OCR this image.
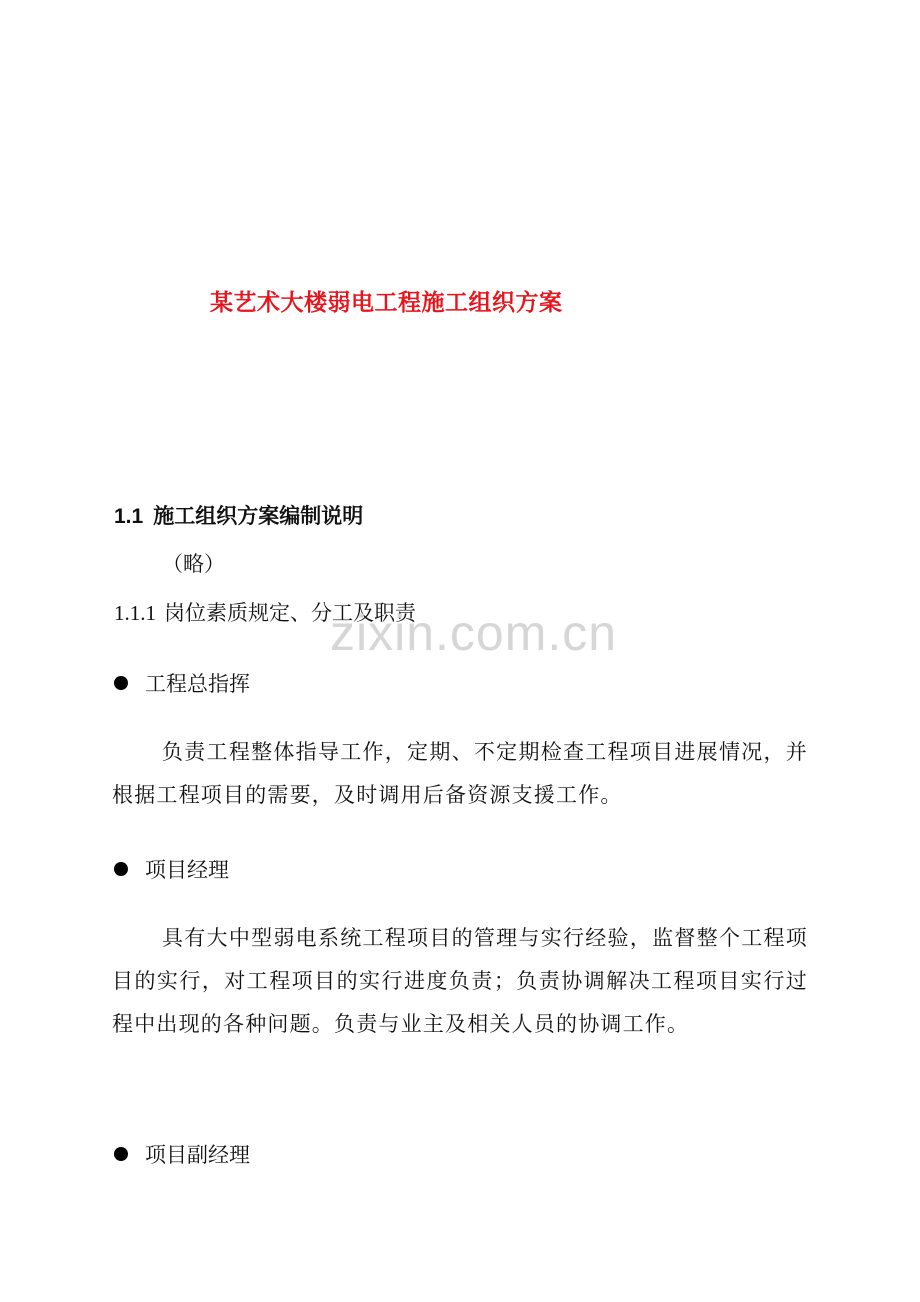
某艺术大楼弱电工程施工组织方案
1.1 施工组织方案编制说明
（略）
1.1.1 岗位素质规定、分工及职责
zixin.com.cn
工程总指挥
负责工程整体指导工作，定期、不定期检查工程项目进展情况，并根据工程项目的需要，及时调用后备资源支援工作。
项目经理
具有大中型弱电系统工程项目的管理与实行经验，监督整个工程项目的实行，对工程项目的实行进度负责；负责协调解决工程项目实行过程中出现的各种问题。负责与业主及相关人员的协调工作。
项目副经理
